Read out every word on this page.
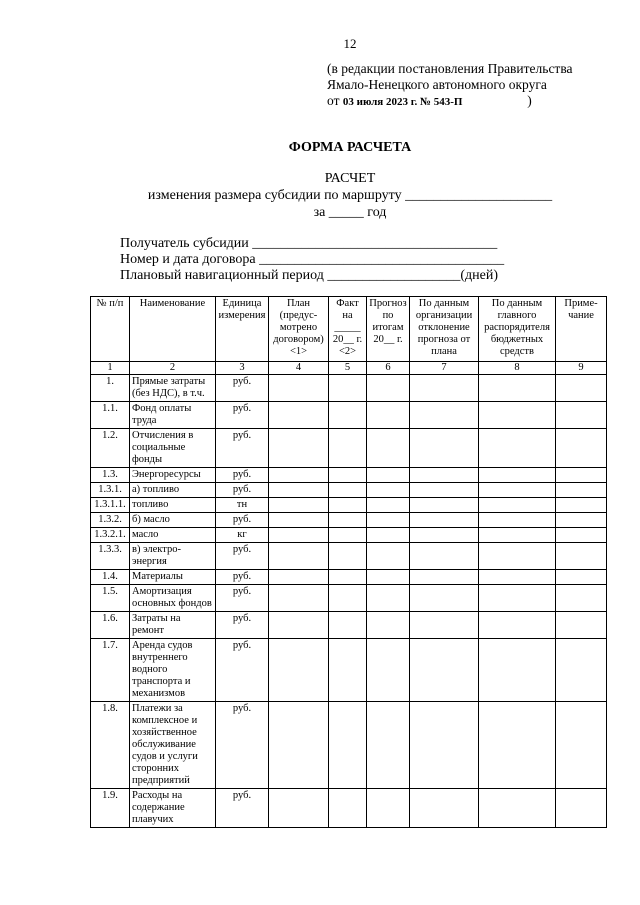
12
(в редакции постановления Правительства
Ямало-Ненецкого автономного округа
от 03 июля 2023 г. № 543-П	)
ФОРМА РАСЧЕТА
РАСЧЕТ
изменения размера субсидии по маршруту _____________________
за _____ год
Получатель субсидии ___________________________________
Номер и дата договора ___________________________________
Плановый навигационный период ___________________(дней)
№ п/п	Наименование	Единица измерения	План (предус-мотрено договором) <1>	Факт на _____ 20__ г. <2>	Прогноз по итогам 20__ г.	По данным организации отклонение прогноза от плана	По данным главного распорядителя бюджетных средств	Приме-чание
1	2	3	4	5	6	7	8	9
1.	Прямые затраты (без НДС), в т.ч.	руб.						
1.1.	Фонд оплаты труда	руб.						
1.2.	Отчисления в социальные фонды	руб.						
1.3.	Энергоресурсы	руб.						
1.3.1.	а) топливо	руб.						
1.3.1.1.	топливо	тн						
1.3.2.	б) масло	руб.						
1.3.2.1.	масло	кг						
1.3.3.	в) электро-энергия	руб.						
1.4.	Материалы	руб.						
1.5.	Амортизация основных фондов	руб.						
1.6.	Затраты на ремонт	руб.						
1.7.	Аренда судов внутреннего водного транспорта и механизмов	руб.						
1.8.	Платежи за комплексное и хозяйственное обслуживание судов и услуги сторонних предприятий	руб.						
1.9.	Расходы на содержание плавучих	руб.						
